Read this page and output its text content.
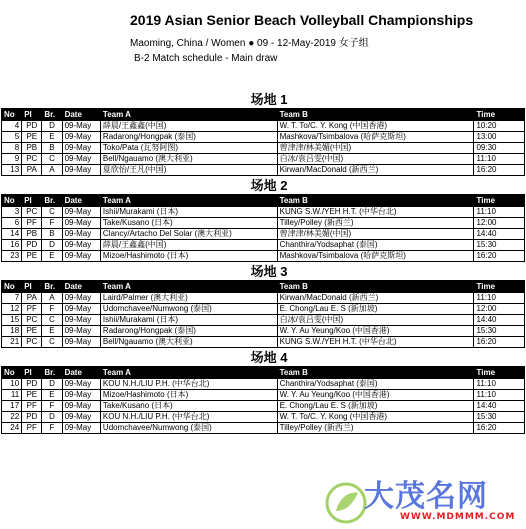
2019 Asian Senior Beach Volleyball Championships
Maoming, China / Women ● 09 - 12-May-2019 女子组
B-2 Match schedule - Main draw
场地 1
No	Pl	Br.	Date	Team A	Team B	Time
4	PD	D	09-May	薛晨/王鑫鑫(中国)	W. T. To/C. Y. Kong (中国香港)	10:20
5	PE	E	09-May	Radarong/Hongpak (泰国)	Mashkova/Tsimbalova (哈萨克斯坦)	13:00
8	PB	B	09-May	Toko/Pata (瓦努阿图)	曾津津/林美媚(中国)	09:30
9	PC	C	09-May	Bell/Ngauamo (澳大利亚)	白冰/袁吕雯(中国)	11:10
13	PA	A	09-May	夏欣怡/王凡(中国)	Kirwan/MacDonald (新西兰)	16:20
场地 2
No	Pl	Br.	Date	Team A	Team B	Time
3	PC	C	09-May	Ishii/Murakami (日本)	KUNG S.W./YEH H.T. (中华台北)	11:10
6	PF	F	09-May	Take/Kusano (日本)	Tilley/Polley (新西兰)	12:00
14	PB	B	09-May	Clancy/Artacho Del Solar (澳大利亚)	曾津津/林美媚(中国)	14:40
16	PD	D	09-May	薛晨/王鑫鑫(中国)	Chanthira/Yodsaphat (泰国)	15:30
23	PE	E	09-May	Mizoe/Hashimoto (日本)	Mashkova/Tsimbalova (哈萨克斯坦)	16:20
场地 3
No	Pl	Br.	Date	Team A	Team B	Time
7	PA	A	09-May	Laird/Palmer (澳大利亚)	Kirwan/MacDonald (新西兰)	11:10
12	PF	F	09-May	Udomchavee/Numwong (泰国)	E. Chong/Lau E. S (新加坡)	12:00
15	PC	C	09-May	Ishii/Murakami (日本)	白冰/袁吕雯(中国)	14:40
18	PE	E	09-May	Radarong/Hongpak (泰国)	W. Y. Au Yeung/Koo (中国香港)	15:30
21	PC	C	09-May	Bell/Ngauamo (澳大利亚)	KUNG S.W./YEH H.T. (中华台北)	16:20
场地 4
No	Pl	Br.	Date	Team A	Team B	Time
10	PD	D	09-May	KOU N.H./LIU P.H. (中华台北)	Chanthira/Yodsaphat (泰国)	11:10
11	PE	E	09-May	Mizoe/Hashimoto (日本)	W. Y. Au Yeung/Koo (中国香港)	11:10
17	PF	F	09-May	Take/Kusano (日本)	E. Chong/Lau E. S (新加坡)	14:40
22	PD	D	09-May	KOU N.H./LIU P.H. (中华台北)	W. T. To/C. Y. Kong (中国香港)	15:30
24	PF	F	09-May	Udomchavee/Numwong (泰国)	Tilley/Polley (新西兰)	16:20
大茂名网
WWW.MDMMM.COM
